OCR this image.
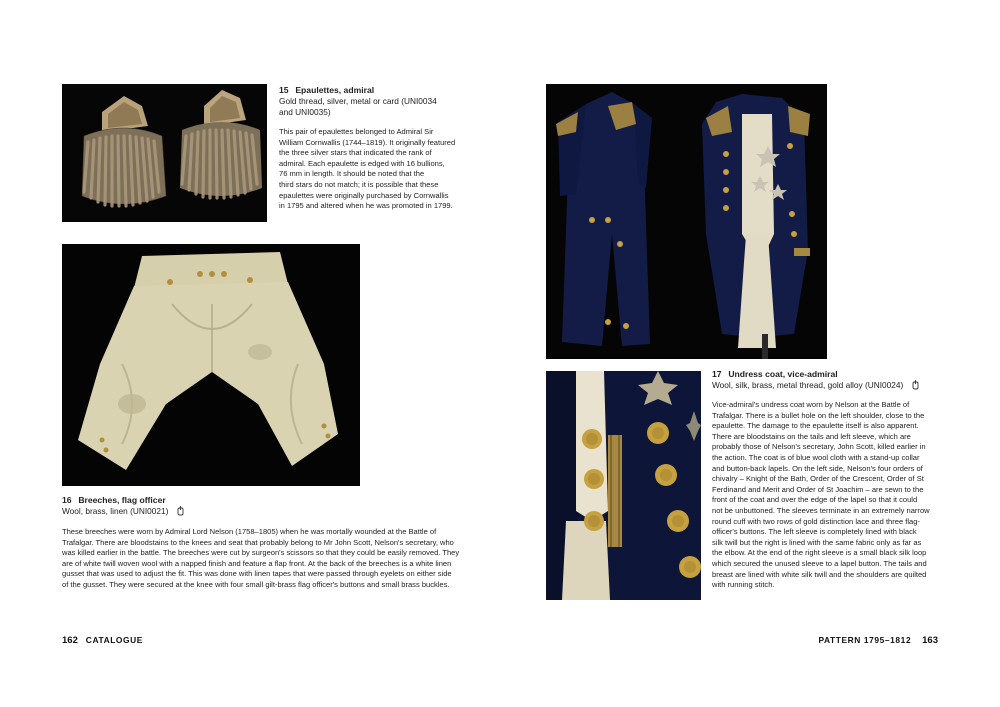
15 Epaulettes, admiral
Gold thread, silver, metal or card (UNI0034
and UNI0035)
This pair of epaulettes belonged to Admiral Sir
William Cornwallis (1744–1819). It originally featured
the three silver stars that indicated the rank of
admiral. Each epaulette is edged with 16 bullions,
76 mm in length. It should be noted that the
third stars do not match; it is possible that these
epaulettes were originally purchased by Cornwallis
in 1795 and altered when he was promoted in 1799.
16 Breeches, flag officer
Wool, brass, linen (UNI0021)
These breeches were worn by Admiral Lord Nelson (1758–1805) when he was mortally wounded at the Battle of
Trafalgar. There are bloodstains to the knees and seat that probably belong to Mr John Scott, Nelson's secretary, who
was killed earlier in the battle. The breeches were cut by surgeon's scissors so that they could be easily removed. They
are of white twill woven wool with a napped finish and feature a flap front. At the back of the breeches is a white linen
gusset that was used to adjust the fit. This was done with linen tapes that were passed through eyelets on either side
of the gusset. They were secured at the knee with four small gilt-brass flag officer's buttons and small brass buckles.
162 CATALOGUE
17 Undress coat, vice-admiral
Wool, silk, brass, metal thread, gold alloy (UNI0024)
Vice-admiral's undress coat worn by Nelson at the Battle of
Trafalgar. There is a bullet hole on the left shoulder, close to the
epaulette. The damage to the epaulette itself is also apparent.
There are bloodstains on the tails and left sleeve, which are
probably those of Nelson's secretary, John Scott, killed earlier in
the action. The coat is of blue wool cloth with a stand-up collar
and button-back lapels. On the left side, Nelson's four orders of
chivalry – Knight of the Bath, Order of the Crescent, Order of St
Ferdinand and Merit and Order of St Joachim – are sewn to the
front of the coat and over the edge of the lapel so that it could
not be unbuttoned. The sleeves terminate in an extremely narrow
round cuff with two rows of gold distinction lace and three flag-
officer's buttons. The left sleeve is completely lined with black
silk twill but the right is lined with the same fabric only as far as
the elbow. At the end of the right sleeve is a small black silk loop
which secured the unused sleeve to a lapel button. The tails and
breast are lined with white silk twill and the shoulders are quilted
with running stitch.
PATTERN 1795–1812 163
